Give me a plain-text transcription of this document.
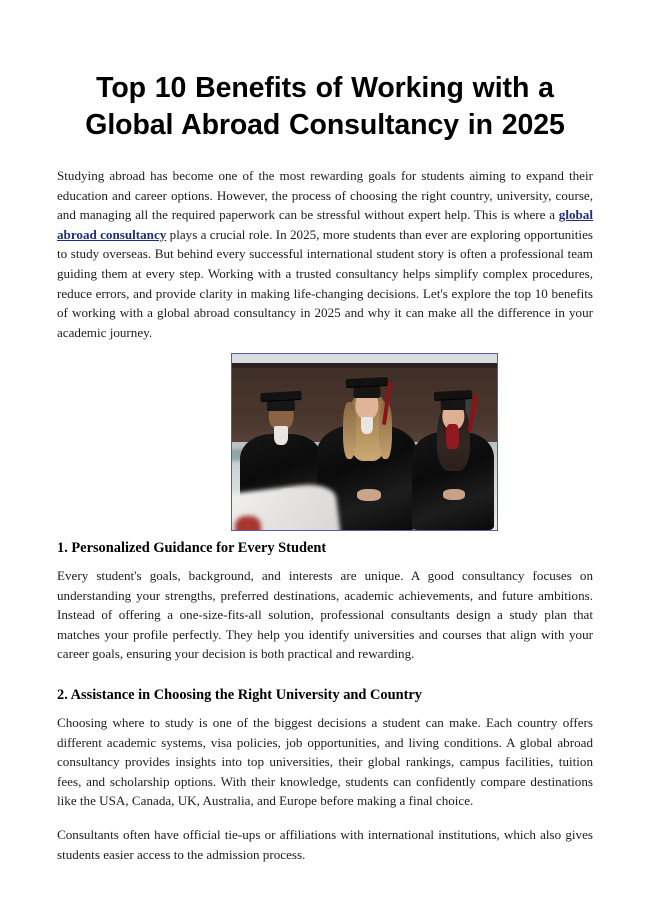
Top 10 Benefits of Working with a
Global Abroad Consultancy in 2025

Studying abroad has become one of the most rewarding goals for students aiming to expand their education and career options. However, the process of choosing the right country, university, course, and managing all the required paperwork can be stressful without expert help. This is where a global abroad consultancy plays a crucial role. In 2025, more students than ever are exploring opportunities to study overseas. But behind every successful international student story is often a professional team guiding them at every step. Working with a trusted consultancy helps simplify complex procedures, reduce errors, and provide clarity in making life-changing decisions. Let's explore the top 10 benefits of working with a global abroad consultancy in 2025 and why it can make all the difference in your academic journey.

1. Personalized Guidance for Every Student

Every student's goals, background, and interests are unique. A good consultancy focuses on understanding your strengths, preferred destinations, academic achievements, and future ambitions. Instead of offering a one-size-fits-all solution, professional consultants design a study plan that matches your profile perfectly. They help you identify universities and courses that align with your career goals, ensuring your decision is both practical and rewarding.

2. Assistance in Choosing the Right University and Country

Choosing where to study is one of the biggest decisions a student can make. Each country offers different academic systems, visa policies, job opportunities, and living conditions. A global abroad consultancy provides insights into top universities, their global rankings, campus facilities, tuition fees, and scholarship options. With their knowledge, students can confidently compare destinations like the USA, Canada, UK, Australia, and Europe before making a final choice.

Consultants often have official tie-ups or affiliations with international institutions, which also gives students easier access to the admission process.
